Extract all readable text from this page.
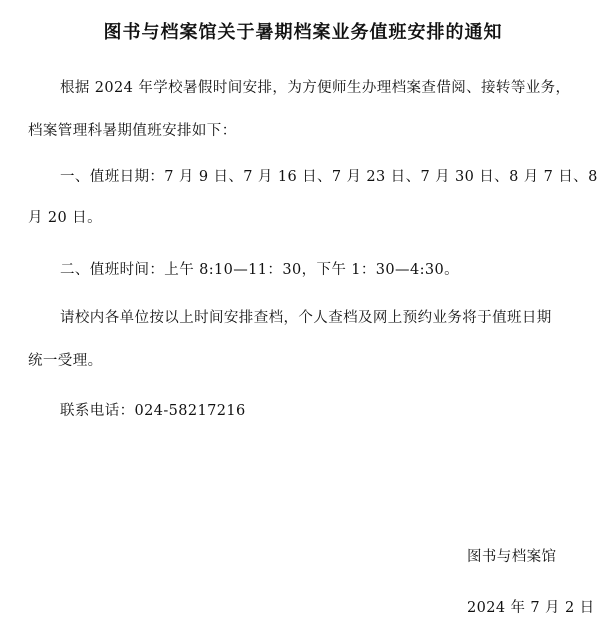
图书与档案馆关于暑期档案业务值班安排的通知
根据 2024 年学校暑假时间安排，为方便师生办理档案查借阅、接转等业务，
档案管理科暑期值班安排如下：
一、值班日期：7 月 9 日、7 月 16 日、7 月 23 日、7 月 30 日、8 月 7 日、8
月 20 日。
二、值班时间：上午 8:10—11：30，下午 1：30—4:30。
请校内各单位按以上时间安排查档，个人查档及网上预约业务将于值班日期
统一受理。
联系电话：024-58217216
图书与档案馆
2024 年 7 月 2 日
